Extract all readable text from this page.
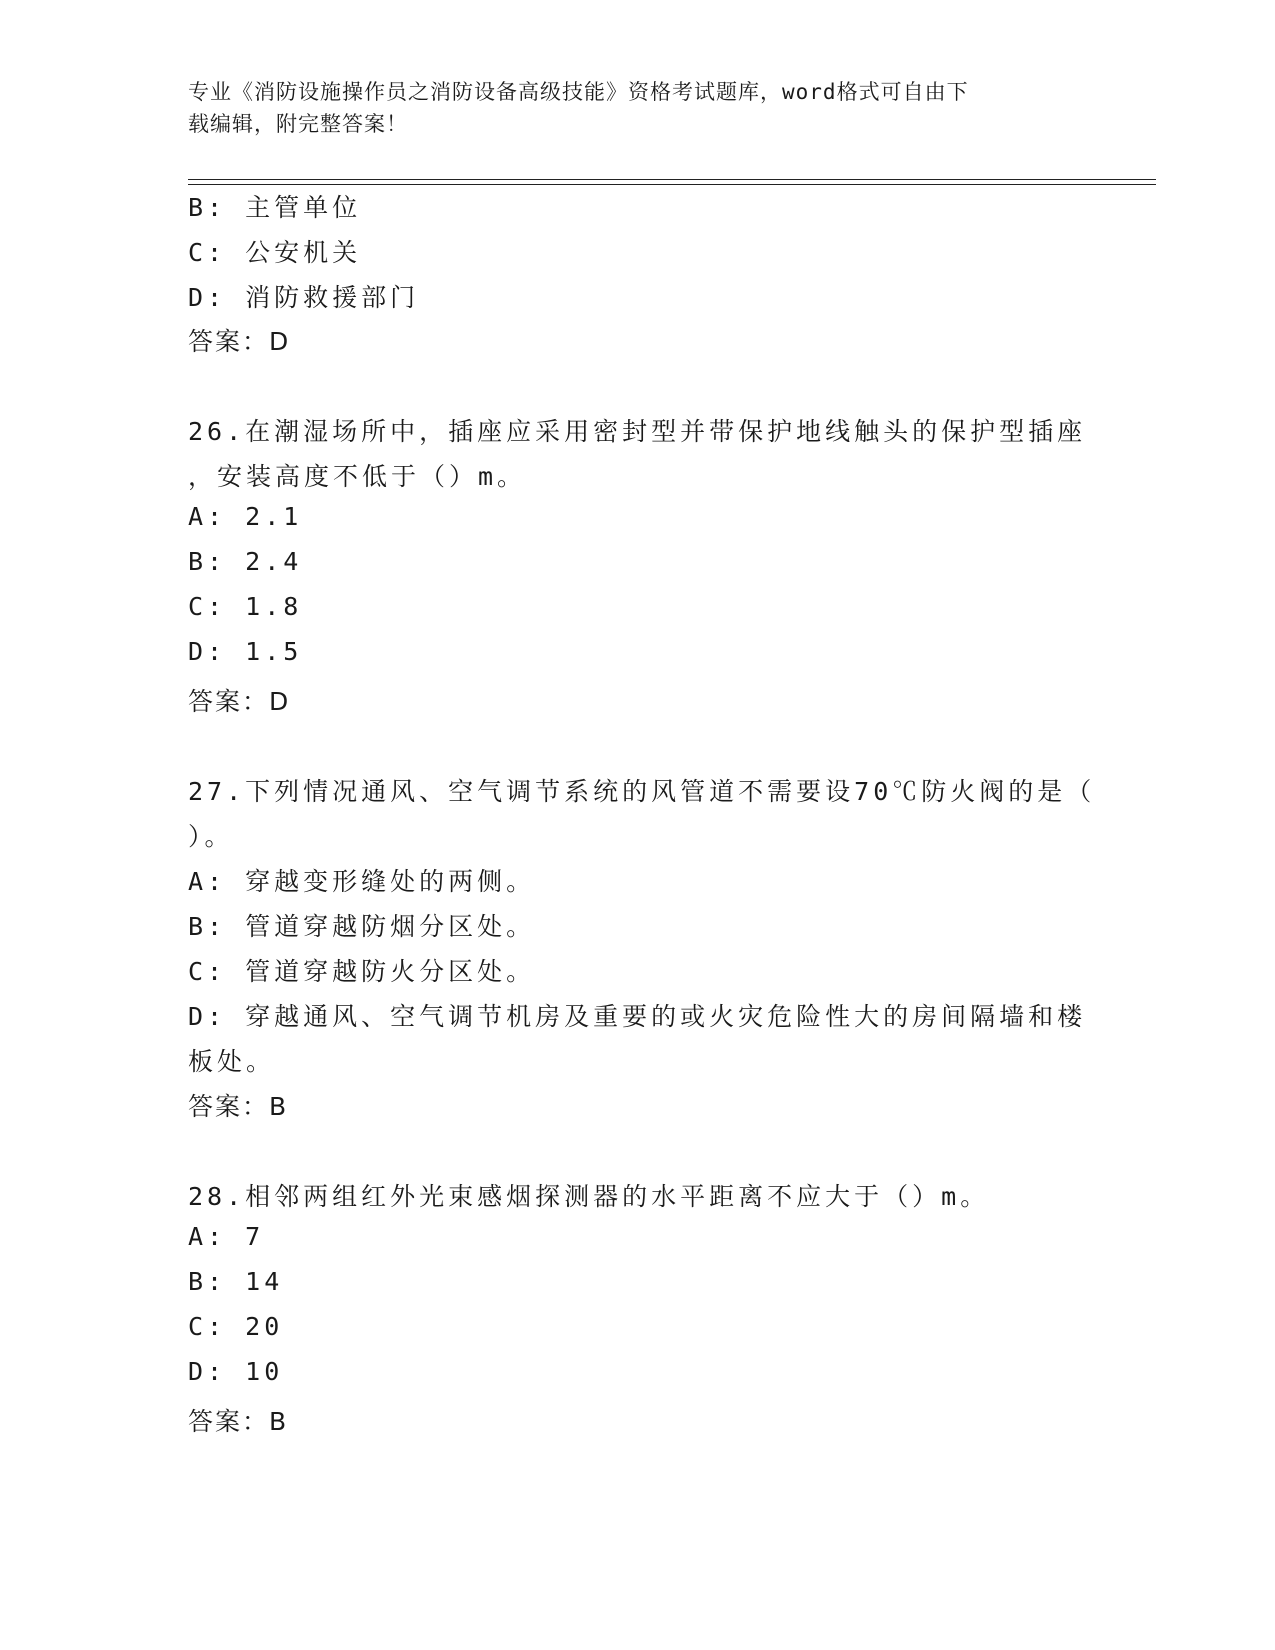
专业《消防设施操作员之消防设备高级技能》资格考试题库，word格式可自由下
载编辑，附完整答案！
B: 主管单位
C: 公安机关
D: 消防救援部门
答案：D
26.在潮湿场所中，插座应采用密封型并带保护地线触头的保护型插座
，安装高度不低于（）m。
A: 2.1
B: 2.4
C: 1.8
D: 1.5
答案：D
27.下列情况通风、空气调节系统的风管道不需要设70℃防火阀的是（
）。
A: 穿越变形缝处的两侧。
B: 管道穿越防烟分区处。
C: 管道穿越防火分区处。
D: 穿越通风、空气调节机房及重要的或火灾危险性大的房间隔墙和楼
板处。
答案：B
28.相邻两组红外光束感烟探测器的水平距离不应大于（）m。
A: 7
B: 14
C: 20
D: 10
答案：B
